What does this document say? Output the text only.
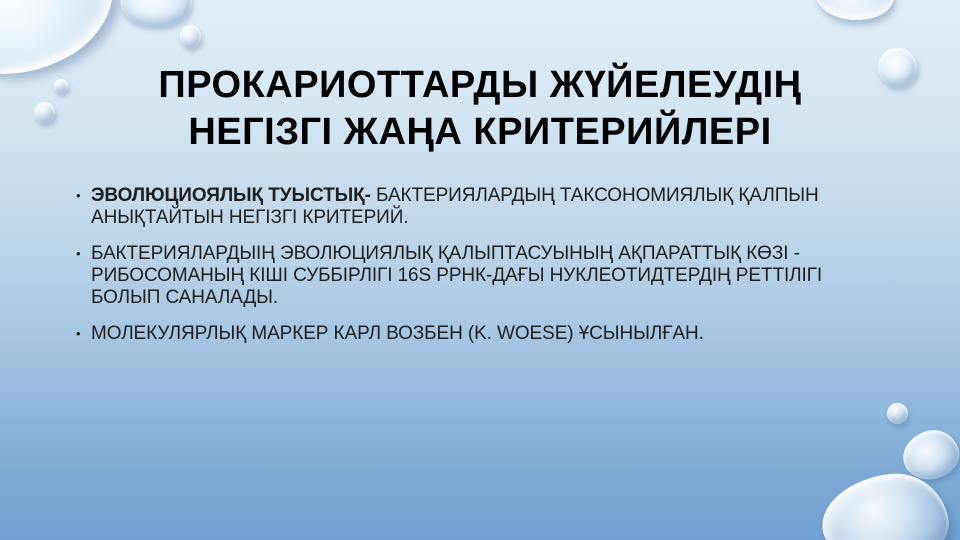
ПРОКАРИОТТАРДЫ ЖҮЙЕЛЕУДІҢ
НЕГІЗГІ ЖАҢА КРИТЕРИЙЛЕРІ
• ЭВОЛЮЦИОЯЛЫҚ ТУЫСТЫҚ- БАКТЕРИЯЛАРДЫҢ ТАКСОНОМИЯЛЫҚ ҚАЛПЫН АНЫҚТАЙТЫН НЕГІЗГІ КРИТЕРИЙ.
• БАКТЕРИЯЛАРДЫІҢ ЭВОЛЮЦИЯЛЫҚ ҚАЛЫПТАСУЫНЫҢ АҚПАРАТТЫҚ КӨЗІ - РИБОСОМАНЫҢ КІШІ СУББІРЛІГІ 16S РРНК-ДАҒЫ НУКЛЕОТИДТЕРДІҢ РЕТТІЛІГІ БОЛЫП САНАЛАДЫ.
• МОЛЕКУЛЯРЛЫҚ МАРКЕР КАРЛ ВОЗБЕН (K. WOESE) ҰСЫНЫЛҒАН.
